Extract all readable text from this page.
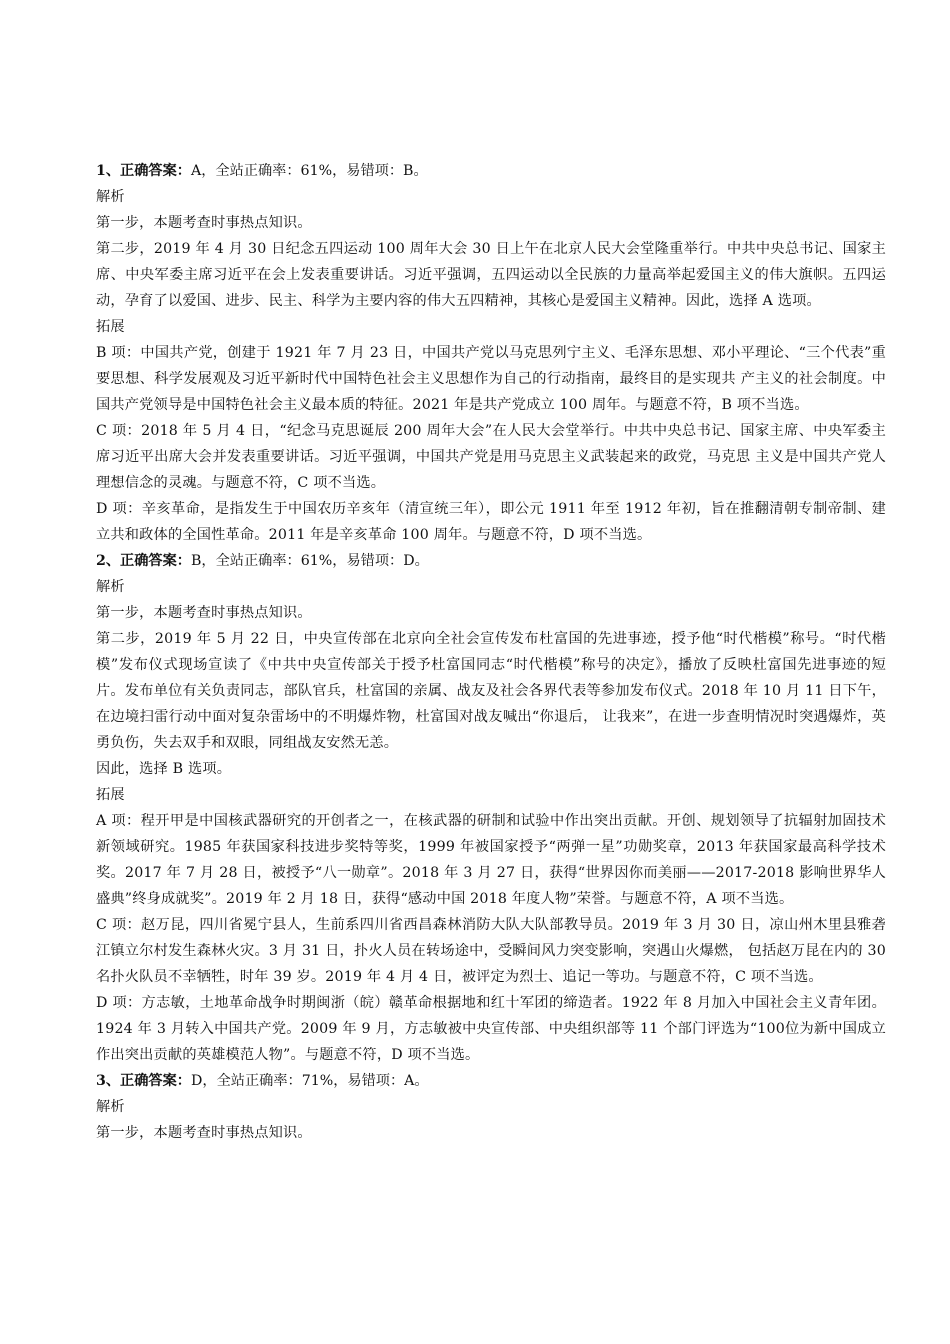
1、正确答案：A，全站正确率：61%，易错项：B。

解析

第一步，本题考查时事热点知识。

第二步，2019 年 4 月 30 日纪念五四运动 100 周年大会 30 日上午在北京人民大会堂隆重举行。中共中央总书记、国家主席、中央军委主席习近平在会上发表重要讲话。习近平强调，五四运动以全民族的力量高举起爱国主义的伟大旗帜。五四运动，孕育了以爱国、进步、民主、科学为主要内容的伟大五四精神，其核心是爱国主义精神。因此，选择 A 选项。

拓展

B 项：中国共产党，创建于 1921 年 7 月 23 日，中国共产党以马克思列宁主义、毛泽东思想、邓小平理论、“三个代表”重要思想、科学发展观及习近平新时代中国特色社会主义思想作为自己的行动指南，最终目的是实现共 产主义的社会制度。中国共产党领导是中国特色社会主义最本质的特征。2021 年是共产党成立 100 周年。与题意不符，B 项不当选。

C 项：2018 年 5 月 4 日，“纪念马克思诞辰 200 周年大会”在人民大会堂举行。中共中央总书记、国家主席、中央军委主席习近平出席大会并发表重要讲话。习近平强调，中国共产党是用马克思主义武装起来的政党，马克思 主义是中国共产党人理想信念的灵魂。与题意不符，C 项不当选。

D 项：辛亥革命，是指发生于中国农历辛亥年（清宣统三年），即公元 1911 年至 1912 年初，旨在推翻清朝专制帝制、建立共和政体的全国性革命。2011 年是辛亥革命 100 周年。与题意不符，D 项不当选。

2、正确答案：B，全站正确率：61%，易错项：D。

解析

第一步，本题考查时事热点知识。

第二步，2019 年 5 月 22 日，中央宣传部在北京向全社会宣传发布杜富国的先进事迹，授予他“时代楷模”称号。“时代楷模”发布仪式现场宣读了《中共中央宣传部关于授予杜富国同志“时代楷模”称号的决定》，播放了反映杜富国先进事迹的短片。发布单位有关负责同志，部队官兵，杜富国的亲属、战友及社会各界代表等参加发布仪式。2018 年 10 月 11 日下午，在边境扫雷行动中面对复杂雷场中的不明爆炸物，杜富国对战友喊出“你退后， 让我来”，在进一步查明情况时突遇爆炸，英勇负伤，失去双手和双眼，同组战友安然无恙。

因此，选择 B 选项。

拓展

A 项：程开甲是中国核武器研究的开创者之一，在核武器的研制和试验中作出突出贡献。开创、规划领导了抗辐射加固技术新领域研究。1985 年获国家科技进步奖特等奖，1999 年被国家授予“两弹一星”功勋奖章，2013 年获国家最高科学技术奖。2017 年 7 月 28 日，被授予“八一勋章”。2018 年 3 月 27 日，获得“世界因你而美丽——2017-2018 影响世界华人盛典”终身成就奖”。2019 年 2 月 18 日，获得“感动中国 2018 年度人物”荣誉。与题意不符，A 项不当选。

C 项：赵万昆，四川省冕宁县人，生前系四川省西昌森林消防大队大队部教导员。2019 年 3 月 30 日，凉山州木里县雅砻江镇立尔村发生森林火灾。3 月 31 日，扑火人员在转场途中，受瞬间风力突变影响，突遇山火爆燃， 包括赵万昆在内的 30 名扑火队员不幸牺牲，时年 39 岁。2019 年 4 月 4 日，被评定为烈士、追记一等功。与题意不符，C 项不当选。

D 项：方志敏，土地革命战争时期闽浙（皖）赣革命根据地和红十军团的缔造者。1922 年 8 月加入中国社会主义青年团。1924 年 3 月转入中国共产党。2009 年 9 月，方志敏被中央宣传部、中央组织部等 11 个部门评选为“100位为新中国成立作出突出贡献的英雄模范人物”。与题意不符，D 项不当选。

3、正确答案：D，全站正确率：71%，易错项：A。

解析

第一步，本题考查时事热点知识。
